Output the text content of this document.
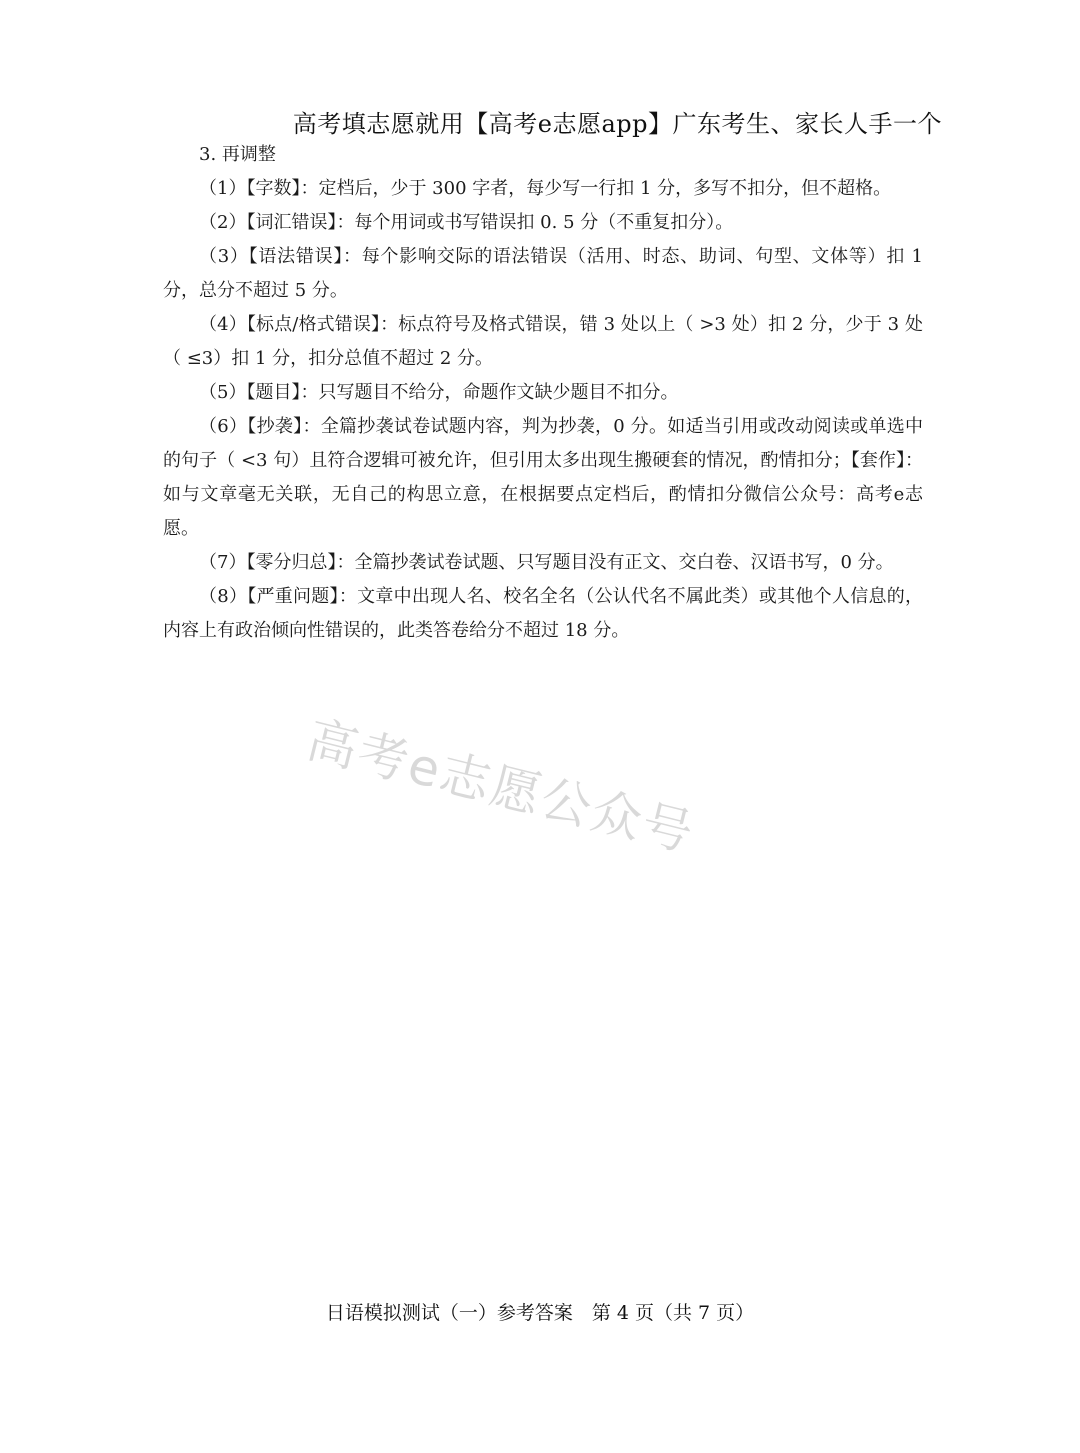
高考填志愿就用【高考e志愿app】广东考生、家长人手一个

3. 再调整

（1）【字数】：定档后，少于 300 字者，每少写一行扣 1 分，多写不扣分，但不超格。

（2）【词汇错误】：每个用词或书写错误扣 0. 5 分（不重复扣分）。

（3）【语法错误】：每个影响交际的语法错误（活用、时态、助词、句型、文体等）扣 1 分，总分不超过 5 分。

（4）【标点/格式错误】：标点符号及格式错误，错 3 处以上（ >3 处）扣 2 分，少于 3 处（ ≤3）扣 1 分，扣分总值不超过 2 分。

（5）【题目】：只写题目不给分，命题作文缺少题目不扣分。

（6）【抄袭】：全篇抄袭试卷试题内容，判为抄袭，0 分。如适当引用或改动阅读或单选中的句子（ <3 句）且符合逻辑可被允许，但引用太多出现生搬硬套的情况，酌情扣分；【套作】：如与文章毫无关联，无自己的构思立意，在根据要点定档后，酌情扣分微信公众号：高考e志愿。

（7）【零分归总】：全篇抄袭试卷试题、只写题目没有正文、交白卷、汉语书写，0 分。

（8）【严重问题】：文章中出现人名、校名全名（公认代名不属此类）或其他个人信息的，内容上有政治倾向性错误的，此类答卷给分不超过 18 分。

高考e志愿公众号
日语模拟测试（一）参考答案　第 4 页（共 7 页）
